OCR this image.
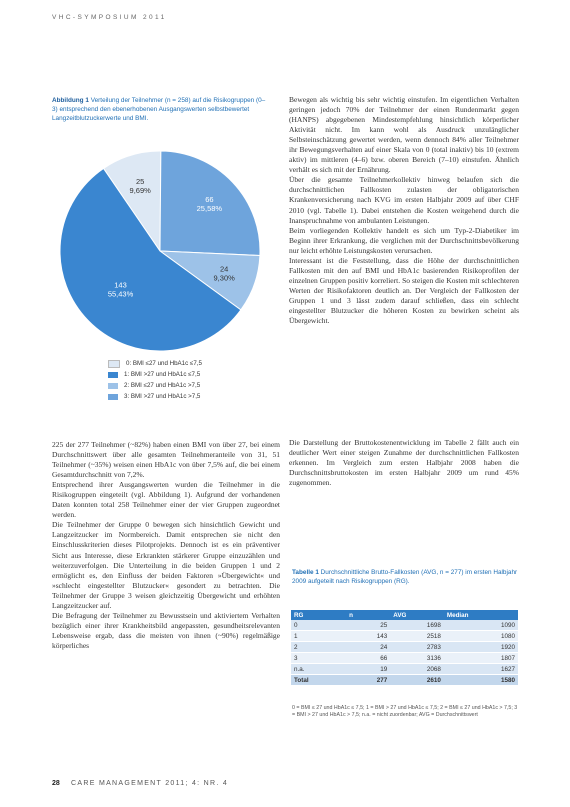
VHC-SYMPOSIUM 2011
Abbildung 1 Verteilung der Teilnehmer (n = 258) auf die Risikogruppen (0–3) entsprechend den ebenerhobenen Ausgangswerten selbstbewertet Langzeitblutzuckerwerte und BMI.
25
9,69%
66
25,58%
24
9,30%
143
55,43%
0: BMI ≤27 und HbA1c ≤7,5
1: BMI >27 und HbA1c ≤7,5
2: BMI ≤27 und HbA1c >7,5
3: BMI >27 und HbA1c >7,5

225 der 277 Teilnehmer (~82%) haben einen BMI von über 27, bei einem Durchschnittswert über alle gesamten Teilnehmeranteile von 31, 51 Teilnehmer (~35%) weisen einen HbA1c von über 7,5% auf, die bei einem Gesamtdurchschnitt von 7,2%.

Entsprechend ihrer Ausgangswerten wurden die Teilnehmer in die Risikogruppen eingeteilt (vgl. Abbildung 1). Aufgrund der vorhandenen Daten konnten total 258 Teilnehmer einer der vier Gruppen zugeordnet werden.

Die Teilnehmer der Gruppe 0 bewegen sich hinsichtlich Gewicht und Langzeitzucker im Normbereich. Damit entsprechen sie nicht den Einschlusskriterien dieses Pilotprojekts. Dennoch ist es ein präventiver Sicht aus Interesse, diese Erkrankten stärkerer Gruppe einzuzählen und weiterzuverfolgen. Die Unterteilung in die beiden Gruppen 1 und 2 ermöglicht es, den Einfluss der beiden Faktoren »Übergewicht« und »schlecht eingestellter Blutzucker« gesondert zu betrachten. Die Teilnehmer der Gruppe 3 weisen gleichzeitig Übergewicht und erhöhten Langzeitzucker auf.

Die Befragung der Teilnehmer zu Bewusstsein und aktiviertem Verhalten bezüglich einer ihrer Krankheitsbild angepassten, gesundheitsrelevanten Lebensweise ergab, dass die meisten von ihnen (~90%) regelmäßige körperliches

Bewegen als wichtig bis sehr wichtig einstufen. Im eigentlichen Verhalten geringen jedoch 70% der Teilnehmer der einen Rundenmarkt gegen (HANPS) abgegebenen Mindestempfehlung hinsichtlich körperlicher Aktivität nicht. Im kann wohl als Ausdruck unzulänglicher Selbsteinschätzung gewertet werden, wenn dennoch 84% aller Teilnehmer ihr Bewegungsverhalten auf einer Skala von 0 (total inaktiv) bis 10 (extrem aktiv) im mittleren (4–6) bzw. oberen Bereich (7–10) einstufen. Ähnlich verhält es sich mit der Ernährung.

Über die gesamte Teilnehmerkollektiv hinweg belaufen sich die durchschnittlichen Fallkosten zulasten der obligatorischen Krankenversicherung nach KVG im ersten Halbjahr 2009 auf über CHF 2010 (vgl. Tabelle 1). Dabei entstehen die Kosten weitgehend durch die Inanspruchnahme von ambulanten Leistungen.

Beim vorliegenden Kollektiv handelt es sich um Typ-2-Diabetiker im Beginn ihrer Erkrankung, die verglichen mit der Durchschnittsbevölkerung nur leicht erhöhte Leistungskosten verursachen.

Interessant ist die Feststellung, dass die Höhe der durchschnittlichen Fallkosten mit den auf BMI und HbA1c basierenden Risikoprofilen der einzelnen Gruppen positiv korreliert. So steigen die Kosten mit schlechteren Werten der Risikofaktoren deutlich an. Der Vergleich der Fallkosten der Gruppen 1 und 3 lässt zudem darauf schließen, dass ein schlecht eingestellter Blutzucker die höheren Kosten zu bewirken scheint als Übergewicht.

Die Darstellung der Bruttokostenentwicklung im Tabelle 2 fällt auch ein deutlicher Wert einer steigen Zunahme der durchschnittlichen Fallkosten erkennen. Im Vergleich zum ersten Halbjahr 2008 haben die Durchschnittsbruttokosten im ersten Halbjahr 2009 um rund 45% zugenommen.

Tabelle 1 Durchschnittliche Brutto-Fallkosten (AVG, n = 277) im ersten Halbjahr 2009 aufgeteilt nach Risikogruppen (RG).
RG	n	AVG	Median
0	25	1698	1090
1	143	2518	1080
2	24	2783	1920
3	66	3136	1807
n.a.	19	2068	1627
Total	277	2610	1580
0 = BMI ≤ 27 und HbA1c ≤ 7,5; 1 = BMI > 27 und HbA1c ≤ 7,5; 2 = BMI ≤ 27 und HbA1c > 7,5; 3 = BMI > 27 und HbA1c > 7,5; n.a. = nicht zuordenbar; AVG = Durchschnittswert
28 CARE MANAGEMENT 2011; 4: NR. 4
